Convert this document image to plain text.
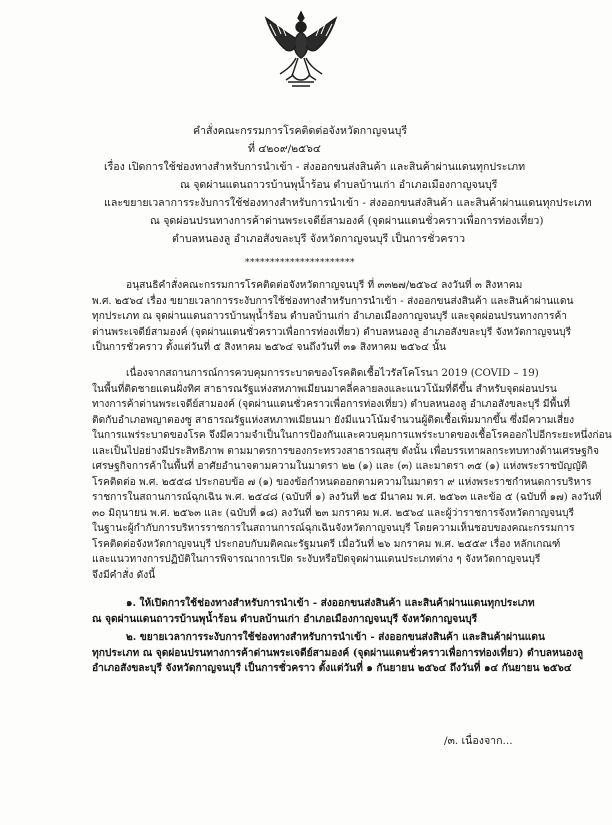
คำสั่งคณะกรรมการโรคติดต่อจังหวัดกาญจนบุรี
ที่ ๔๒๐๙/๒๕๖๔
เรื่อง เปิดการใช้ช่องทางสำหรับการนำเข้า - ส่งออกขนส่งสินค้า และสินค้าผ่านแดนทุกประเภท
ณ จุดผ่านแดนถาวรบ้านพุน้ำร้อน ตำบลบ้านเก่า อำเภอเมืองกาญจนบุรี
และขยายเวลาการระงับการใช้ช่องทางสำหรับการนำเข้า - ส่งออกขนส่งสินค้า และสินค้าผ่านแดนทุกประเภท
ณ จุดผ่อนปรนทางการค้าด่านพระเจดีย์สามองค์ (จุดผ่านแดนชั่วคราวเพื่อการท่องเที่ยว)
ตำบลหนองลู อำเภอสังขละบุรี จังหวัดกาญจนบุรี เป็นการชั่วคราว
**********************
อนุสนธิคำสั่งคณะกรรมการโรคติดต่อจังหวัดกาญจนบุรี ที่ ๓๓๒๗/๒๕๖๔ ลงวันที่ ๓ สิงหาคม
พ.ศ. ๒๕๖๔ เรื่อง ขยายเวลาการระงับการใช้ช่องทางสำหรับการนำเข้า - ส่งออกขนส่งสินค้า และสินค้าผ่านแดน
ทุกประเภท ณ จุดผ่านแดนถาวรบ้านพุน้ำร้อน ตำบลบ้านเก่า อำเภอเมืองกาญจนบุรี และจุดผ่อนปรนทางการค้า
ด่านพระเจดีย์สามองค์ (จุดผ่านแดนชั่วคราวเพื่อการท่องเที่ยว) ตำบลหนองลู อำเภอสังขละบุรี จังหวัดกาญจนบุรี
เป็นการชั่วคราว ตั้งแต่วันที่ ๕ สิงหาคม ๒๕๖๔ จนถึงวันที่ ๓๑ สิงหาคม ๒๕๖๔ นั้น
เนื่องจากสถานการณ์การควบคุมการระบาดของโรคติดเชื้อไวรัสโคโรนา 2019 (COVID – 19)
ในพื้นที่ติดชายแดนฝั่งทิศ สาธารณรัฐแห่งสหภาพเมียนมาคลี่คลายลงและแนวโน้มที่ดีขึ้น สำหรับจุดผ่อนปรน
ทางการค้าด่านพระเจดีย์สามองค์ (จุดผ่านแดนชั่วคราวเพื่อการท่องเที่ยว) ตำบลหนองลู อำเภอสังขละบุรี มีพื้นที่
ติดกับอำเภอพญาตองซู สาธารณรัฐแห่งสหภาพเมียนมา ยังมีแนวโน้มจำนวนผู้ติดเชื้อเพิ่มมากขึ้น ซึ่งมีความเสี่ยง
ในการแพร่ระบาดของโรค จึงมีความจำเป็นในการป้องกันและควบคุมการแพร่ระบาดของเชื้อโรคออกไปอีกระยะหนึ่งก่อน
และเป็นไปอย่างมีประสิทธิภาพ ตามมาตรการของกระทรวงสาธารณสุข ดังนั้น เพื่อบรรเทาผลกระทบทางด้านเศรษฐกิจ
เศรษฐกิจการค้าในพื้นที่ อาศัยอำนาจตามความในมาตรา ๒๒ (๑) และ (๓) และมาตรา ๓๕ (๑) แห่งพระราชบัญญัติ
โรคติดต่อ พ.ศ. ๒๕๕๘ ประกอบข้อ ๗ (๑) ของข้อกำหนดออกตามความในมาตรา ๙ แห่งพระราชกำหนดการบริหาร
ราชการในสถานการณ์ฉุกเฉิน พ.ศ. ๒๕๔๘ (ฉบับที่ ๑) ลงวันที่ ๒๕ มีนาคม พ.ศ. ๒๕๖๓ และข้อ ๕ (ฉบับที่ ๑๗) ลงวันที่
๓๐ มิถุนายน พ.ศ. ๒๕๖๓ และ (ฉบับที่ ๑๘) ลงวันที่ ๒๓ มกราคม พ.ศ. ๒๕๖๔ และผู้ว่าราชการจังหวัดกาญจนบุรี
ในฐานะผู้กำกับการบริหารราชการในสถานการณ์ฉุกเฉินจังหวัดกาญจนบุรี โดยความเห็นชอบของคณะกรรมการ
โรคติดต่อจังหวัดกาญจนบุรี ประกอบกับมติคณะรัฐมนตรี เมื่อวันที่ ๒๖ มกราคม พ.ศ. ๒๕๕๙ เรื่อง หลักเกณฑ์
และแนวทางการปฏิบัติในการพิจารณาการเปิด ระงับหรือปิดจุดผ่านแดนประเภทต่าง ๆ จังหวัดกาญจนบุรี
จึงมีคำสั่ง ดังนี้
๑. ให้เปิดการใช้ช่องทางสำหรับการนำเข้า - ส่งออกขนส่งสินค้า และสินค้าผ่านแดนทุกประเภท
ณ จุดผ่านแดนถาวรบ้านพุน้ำร้อน ตำบลบ้านเก่า อำเภอเมืองกาญจนบุรี จังหวัดกาญจนบุรี
๒. ขยายเวลาการระงับการใช้ช่องทางสำหรับการนำเข้า - ส่งออกขนส่งสินค้า และสินค้าผ่านแดน
ทุกประเภท ณ จุดผ่อนปรนทางการค้าด่านพระเจดีย์สามองค์ (จุดผ่านแดนชั่วคราวเพื่อการท่องเที่ยว) ตำบลหนองลู
อำเภอสังขละบุรี จังหวัดกาญจนบุรี เป็นการชั่วคราว ตั้งแต่วันที่ ๑ กันยายน ๒๕๖๔ ถึงวันที่ ๑๔ กันยายน ๒๕๖๔
/๓. เนื่องจาก...
